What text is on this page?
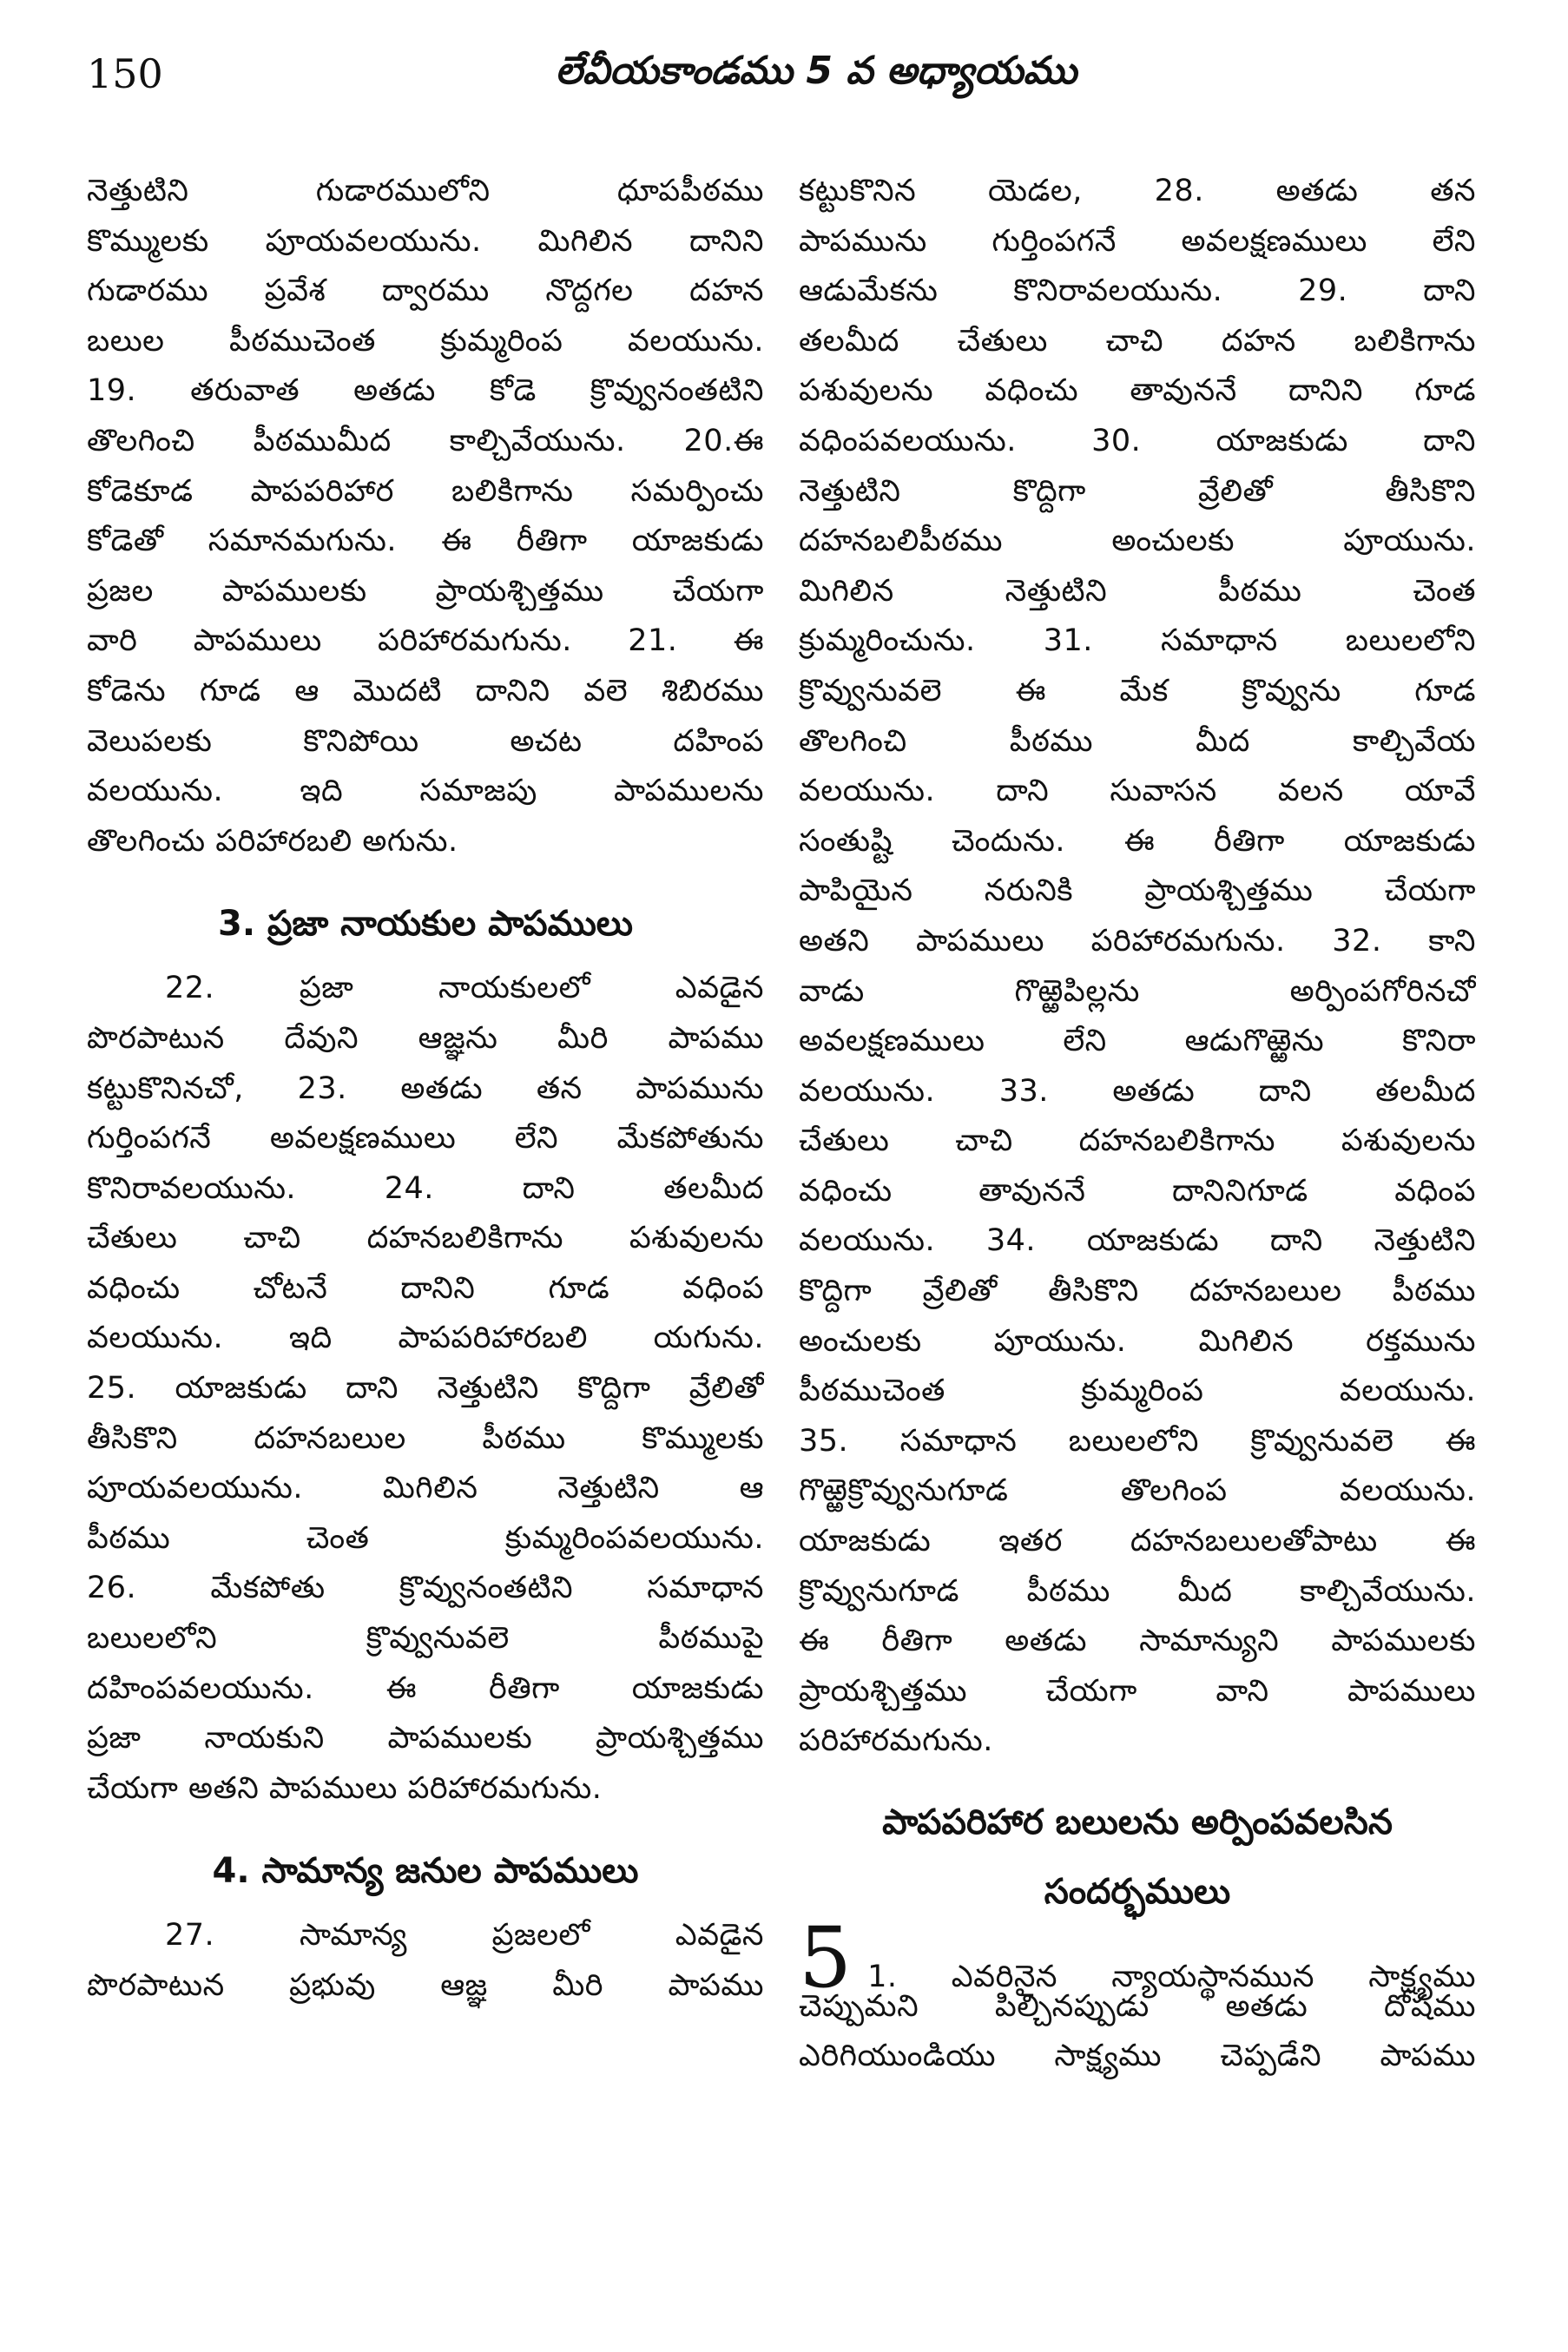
150	లేవీయకాండము 5 వ అధ్యాయము
నెత్తుటిని గుడారములోని ధూపపీఠము
కొమ్ములకు పూయవలయును. మిగిలిన దానిని
గుడారము ప్రవేశ ద్వారము నొద్దగల దహన
బలుల పీఠముచెంత క్రుమ్మరింప వలయును.
19. తరువాత అతడు కోడె క్రొవ్వునంతటిని
తొలగించి పీఠముమీద కాల్చివేయును. 20.ఈ
కోడెకూడ పాపపరిహార బలికిగాను సమర్పించు
కోడెతో సమానమగును. ఈ రీతిగా యాజకుడు
ప్రజల పాపములకు ప్రాయశ్చిత్తము చేయగా
వారి పాపములు పరిహారమగును. 21. ఈ
కోడెను గూడ ఆ మొదటి దానిని వలె శిబిరము
వెలుపలకు కొనిపోయి అచట దహింప
వలయును. ఇది సమాజపు పాపములను
తొలగించు పరిహారబలి అగును.
3. ప్రజా నాయకుల పాపములు
22. ప్రజా నాయకులలో ఎవడైన
పొరపాటున దేవుని ఆజ్ఞను మీరి పాపము
కట్టుకొనినచో, 23. అతడు తన పాపమును
గుర్తింపగనే అవలక్షణములు లేని మేకపోతును
కొనిరావలయును. 24. దాని తలమీద
చేతులు చాచి దహనబలికిగాను పశువులను
వధించు చోటనే దానిని గూడ వధింప
వలయును. ఇది పాపపరిహారబలి యగును.
25. యాజకుడు దాని నెత్తుటిని కొద్దిగా వ్రేలితో
తీసికొని దహనబలుల పీఠము కొమ్ములకు
పూయవలయును. మిగిలిన నెత్తుటిని ఆ
పీఠము చెంత క్రుమ్మరింపవలయును.
26. మేకపోతు క్రొవ్వునంతటిని సమాధాన
బలులలోని క్రొవ్వునువలె పీఠముపై
దహింపవలయును. ఈ రీతిగా యాజకుడు
ప్రజా నాయకుని పాపములకు ప్రాయశ్చిత్తము
చేయగా అతని పాపములు పరిహారమగును.
4. సామాన్య జనుల పాపములు
27. సామాన్య ప్రజలలో ఎవడైన
పొరపాటున ప్రభువు ఆజ్ఞ మీరి పాపము
కట్టుకొనిన యెడల, 28. అతడు తన
పాపమును గుర్తింపగనే అవలక్షణములు లేని
ఆడుమేకను కొనిరావలయును. 29. దాని
తలమీద చేతులు చాచి దహన బలికిగాను
పశువులను వధించు తావుననే దానిని గూడ
వధింపవలయును. 30. యాజకుడు దాని
నెత్తుటిని కొద్దిగా వ్రేలితో తీసికొని
దహనబలిపీఠము అంచులకు పూయును.
మిగిలిన నెత్తుటిని పీఠము చెంత
క్రుమ్మరించును. 31. సమాధాన బలులలోని
క్రొవ్వునువలె ఈ మేక క్రొవ్వును గూడ
తొలగించి పీఠము మీద కాల్చివేయ
వలయును. దాని సువాసన వలన యావే
సంతుష్టి చెందును. ఈ రీతిగా యాజకుడు
పాపియైన నరునికి ప్రాయశ్చిత్తము చేయగా
అతని పాపములు పరిహారమగును. 32. కాని
వాడు గొఱ్ఱెపిల్లను అర్పింపగోరినచో
అవలక్షణములు లేని ఆడుగొఱ్ఱెను కొనిరా
వలయును. 33. అతడు దాని తలమీద
చేతులు చాచి దహనబలికిగాను పశువులను
వధించు తావుననే దానినిగూడ వధింప
వలయును. 34. యాజకుడు దాని నెత్తుటిని
కొద్దిగా వ్రేలితో తీసికొని దహనబలుల పీఠము
అంచులకు పూయును. మిగిలిన రక్తమును
పీఠముచెంత క్రుమ్మరింప వలయును.
35. సమాధాన బలులలోని క్రొవ్వునువలె ఈ
గొఱ్ఱెక్రొవ్వునుగూడ తొలగింప వలయును.
యాజకుడు ఇతర దహనబలులతోపాటు ఈ
క్రొవ్వునుగూడ పీఠము మీద కాల్చివేయును.
ఈ రీతిగా అతడు సామాన్యుని పాపములకు
ప్రాయశ్చిత్తము చేయగా వాని పాపములు
పరిహారమగును.
పాపపరిహార బలులను అర్పింపవలసిన
సందర్భములు
5 1. ఎవరినైన న్యాయస్థానమున సాక్ష్యము
చెప్పుమని పిల్చినప్పుడు అతడు దోషము
ఎరిగియుండియు సాక్ష్యము చెప్పడేని పాపము
